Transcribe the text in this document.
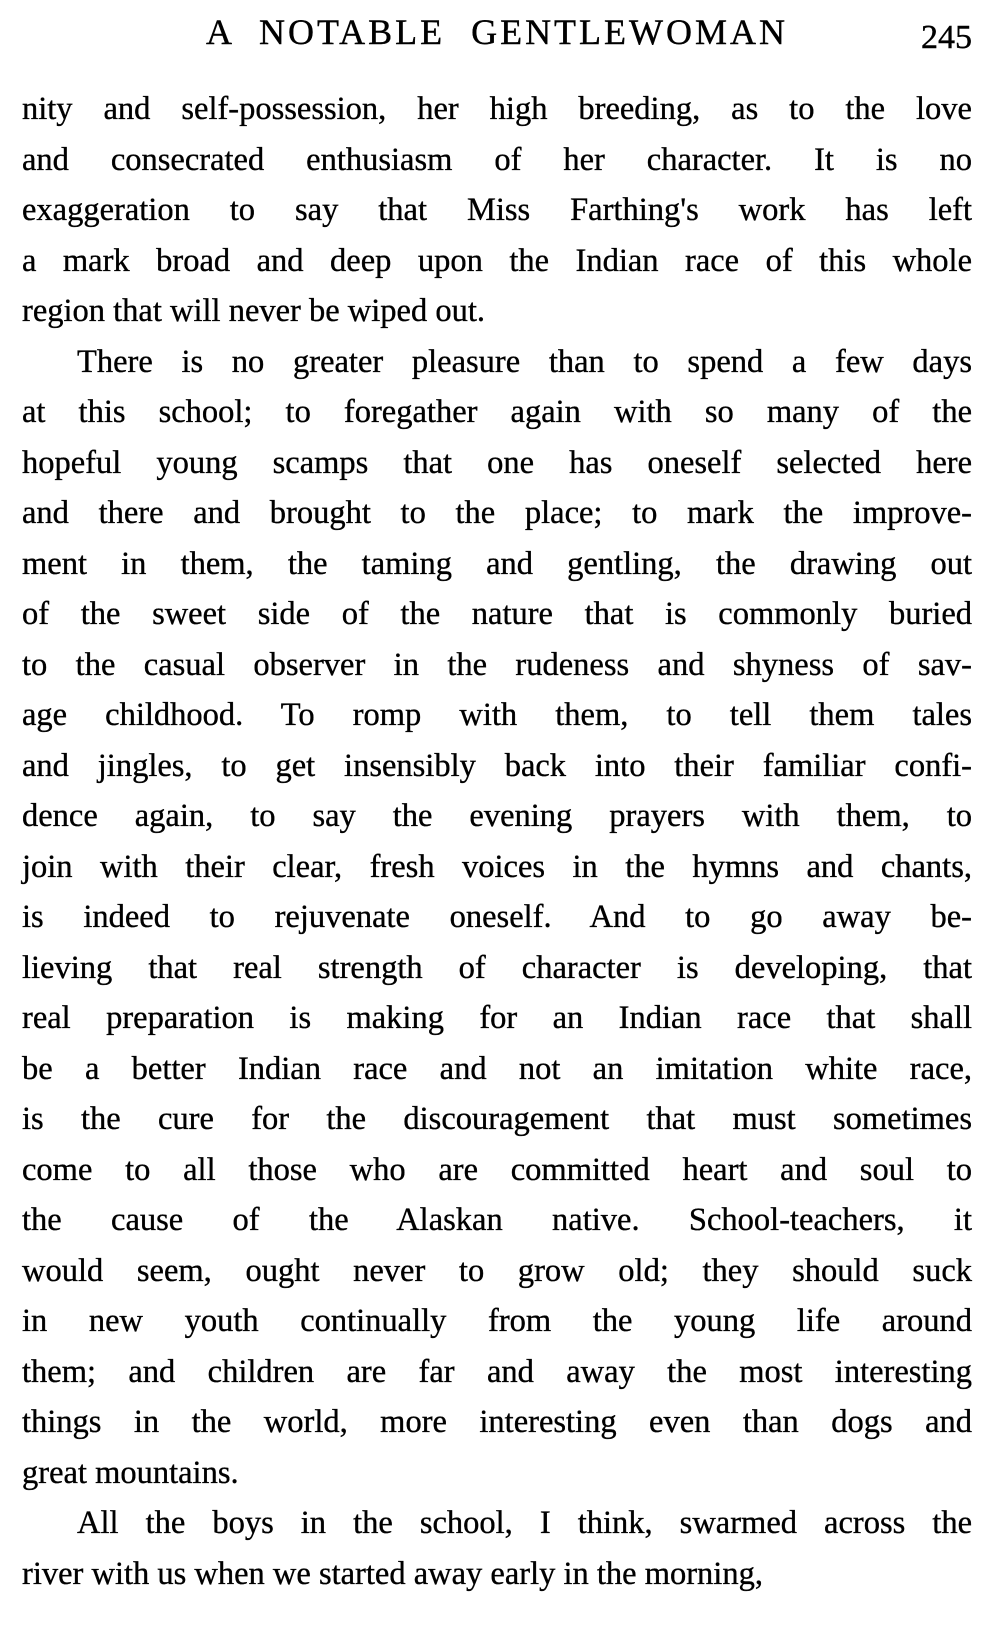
A NOTABLE GENTLEWOMAN	245
nity and self-possession, her high breeding, as to the love
and consecrated enthusiasm of her character. It is no
exaggeration to say that Miss Farthing's work has left
a mark broad and deep upon the Indian race of this whole
region that will never be wiped out.
There is no greater pleasure than to spend a few days
at this school; to foregather again with so many of the
hopeful young scamps that one has oneself selected here
and there and brought to the place; to mark the improve-
ment in them, the taming and gentling, the drawing out
of the sweet side of the nature that is commonly buried
to the casual observer in the rudeness and shyness of sav-
age childhood. To romp with them, to tell them tales
and jingles, to get insensibly back into their familiar confi-
dence again, to say the evening prayers with them, to
join with their clear, fresh voices in the hymns and chants,
is indeed to rejuvenate oneself. And to go away be-
lieving that real strength of character is developing, that
real preparation is making for an Indian race that shall
be a better Indian race and not an imitation white race,
is the cure for the discouragement that must sometimes
come to all those who are committed heart and soul to
the cause of the Alaskan native. School-teachers, it
would seem, ought never to grow old; they should suck
in new youth continually from the young life around
them; and children are far and away the most interesting
things in the world, more interesting even than dogs and
great mountains.
All the boys in the school, I think, swarmed across the
river with us when we started away early in the morning,
